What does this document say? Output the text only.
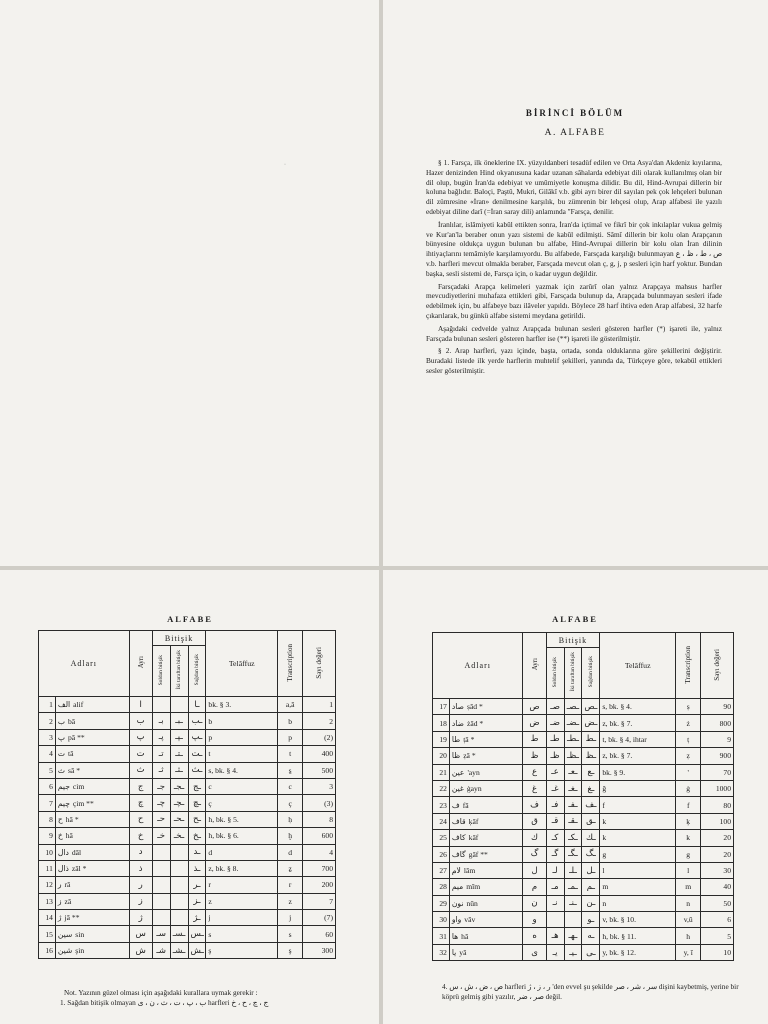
·
BİRİNCİ BÖLÜM
A. ALFABE

§ 1. Farsça, ilk öneklerine IX. yüzyıldanberi tesadüf edilen ve Orta Asya'dan Akdeniz kıyılarına, Hazer denizinden Hind okyanusuna kadar uzanan sâhalarda edebiyat dili olarak kullanılmış olan bir dil olup, bugün İran'da edebiyat ve umûmiyetle konuşma dilidir. Bu dil, Hind-Avrupai dillerin bir koluna bağlıdır. Baloçi, Paştû, Mukri, Gilâkî v.b. gibi ayrı birer dil sayılan pek çok lehçeleri bulunan dil zümresine «İran» denilmesine karşılık, bu zümrenin bir lehçesi olup, Arap alfabesi ile yazılı edebiyat diline darî (=İran saray dili) anlamında "Farsça, denilir.

İranlılar, islâmiyeti kabûl ettikten sonra, İran'da içtimaî ve fikrî bir çok inkılaplar vukua gelmiş ve Kur'an'la beraber onun yazı sistemi de kabûl edilmişti. Sâmî dillerin bir kolu olan Arapçanın bünyesine oldukça uygun bulunan bu alfabe, Hind-Avrupai dillerin bir kolu olan İran dilinin ihtiyaçlarını temâmiyle karşılamıyordu. Bu alfabede, Farsçada karşılığı bulunmayan ص ، ط ، ظ ، ع v.b. harfleri mevcut olmakla beraber, Farsçada mevcut olan ç, g, j, p sesleri için harf yoktur. Bundan başka, sesli sistemi de, Farsça için, o kadar uygun değildir.

Farsçadaki Arapça kelimeleri yazmak için zarûrî olan yalnız Arapçaya mahsus harfler mevcudiyetlerini muhafaza ettikleri gibi, Farsçada bulunup da, Arapçada bulunmayan sesleri ifade edebilmek için, bu alfabeye bazı ilâveler yapıldı. Böylece 28 harf ihtiva eden Arap alfabesi, 32 harfe çıkarılarak, bu günkü alfabe sistemi meydana getirildi.

Aşağıdaki cedvelde yalnız Arapçada bulunan sesleri gösteren harfler (*) işareti ile, yalnız Farsçada bulunan sesleri gösteren harfler ise (**) işareti ile gösterilmiştir.

§ 2. Arap harfleri, yazı içinde, başta, ortada, sonda olduklarına göre şekillerini değiştirir. Buradaki listede ilk yerde harflerin muhtelif şekilleri, yanında da, Türkçeye göre, tekabül ettikleri sesler gösterilmiştir.

ALFABE
Adları		Ayrı	Bitişik			Telâffuz	Transcription	Sayı değeri
			Soldan bitişik	İki taraftan bitişik	Sağdan bitişik			
1	الف alif	ا			ـا	bk. § 3.	a,ā	1
2	ب bā	ب	بـ	ـبـ	ـب	b	b	2
3	پ pā **	پ	پـ	ـپـ	ـپ	p	p	(2)
4	ت tā	ت	تـ	ـتـ	ـت	t	t	400
5	ث sā *	ث	ثـ	ـثـ	ـث	s, bk. § 4.	s̱	500
6	جيم cim	ج	جـ	ـجـ	ـج	c	c	3
7	چيم çim **	چ	چـ	ـچـ	ـچ	ç	ç	(3)
8	ح hā *	ح	حـ	ـحـ	ـح	h, bk. § 5.	ḥ	8
9	خ hā	خ	خـ	ـخـ	ـخ	h, bk. § 6.	ḫ	600
10	دال dāl	د			ـد	d	d	4
11	ذال zāl *	ذ			ـذ	z, bk. § 8.	ẕ	700
12	ر rā	ر			ـر	r	r	200
13	ز zā	ز			ـز	z	z	7
14	ژ jā **	ژ			ـژ	j	j	(7)
15	سين sin	س	سـ	ـسـ	ـس	s	s	60
16	شين şin	ش	شـ	ـشـ	ـش	ş	ş	300
Not. Yazının güzel olması için aşağıdaki kurallara uymak gerekir :
1. Sağdan bitişik olmayan ب ، پ ، ت ، ث ، ن ، ى harfleri ج ، چ ، ح ، خ
ALFABE
Adları		Ayrı	Bitişik			Telâffuz	Transcription	Sayı değeri
			Soldan bitişik	İki taraftan bitişik	Sağdan bitişik			
17	صاد ṣād *	ص	صـ	ـصـ	ـص	s, bk. § 4.	ṣ	90
18	ضاد żād *	ض	ضـ	ـضـ	ـض	z, bk. § 7.	ż	800
19	طا ṭā *	ط	طـ	ـطـ	ـط	t, bk. § 4, ihtar	ṭ	9
20	ظا ẓā *	ظ	ظـ	ـظـ	ـظ	z, bk. § 7.	ẓ	900
21	عين 'ayn	ع	عـ	ـعـ	ـع	bk. § 9.	'	70
22	غين ġayn	غ	غـ	ـغـ	ـغ	ğ	ġ	1000
23	ف fā	ف	فـ	ـفـ	ـف	f	f	80
24	قاف ķāf	ق	قـ	ـقـ	ـق	k	ķ	100
25	كاف kāf	ك	كـ	ـكـ	ـك	k	k	20
26	گاف gāf **	گ	گـ	ـگـ	ـگ	g	g	20
27	لام lām	ل	لـ	ـلـ	ـل	l	l	30
28	ميم mīm	م	مـ	ـمـ	ـم	m	m	40
29	نون nūn	ن	نـ	ـنـ	ـن	n	n	50
30	واو vāv	و			ـو	v, bk. § 10.	v,ū	6
31	ها hā	ه	هـ	ـهـ	ـه	h, bk. § 11.	h	5
32	يا yā	ى	يـ	ـيـ	ـى	y, bk. § 12.	y, ī	10
4. ص ، ض ، ش ، س harfleri ر ، ز ، ژ 'den evvel şu şekilde سر ، شر ، صر dişini kaybetmiş, yerine bir köprü gelmiş gibi yazılır, صر ، ضر değil.
